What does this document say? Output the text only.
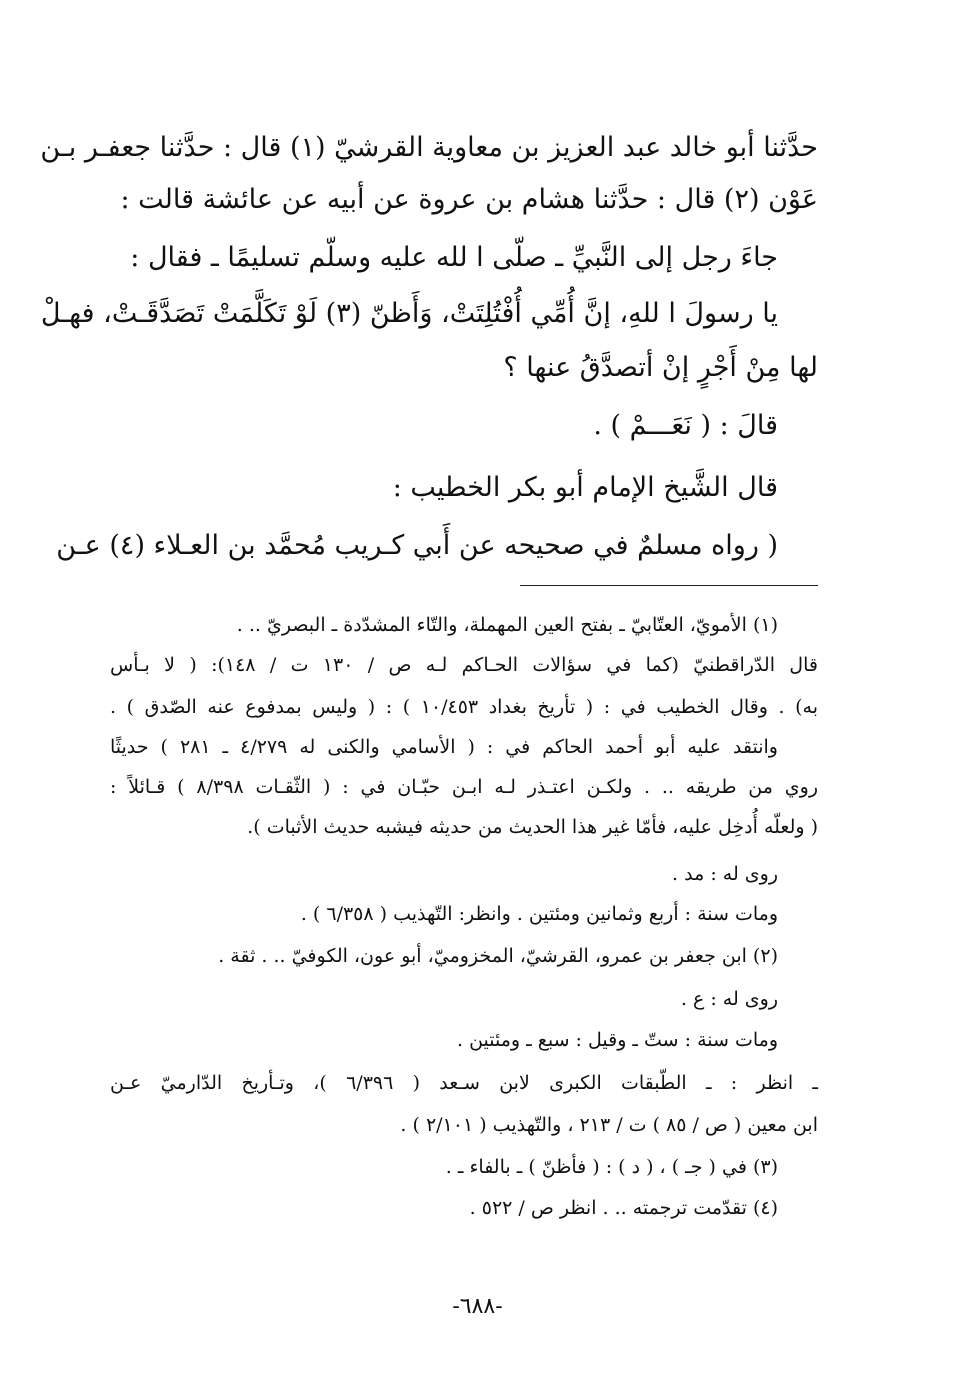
حدَّثنا أبو خالد عبد العزيز بن معاوية القرشيّ (١) قال : حدَّثنا جعفـر بـن
عَوْن (٢) قال : حدَّثنا هشام بن عروة عن أبيه عن عائشة قالت :
جاءَ رجل إلى النَّبيِّ ـ صلّى ا لله عليه وسلّم تسليمًا ـ فقال :
يا رسولَ ا للهِ، إنَّ أُمِّي أُفْتُلِتَتْ، وَأَظنّ (٣) لَوْ تَكَلَّمَتْ تَصَدَّقَـتْ، فهـلْ
لها مِنْ أَجْرٍ إنْ أتصدَّقُ عنها ؟
قالَ : ( نَعَـــمْ ) .
قال الشَّيخ الإمام أبو بكر الخطيب :
( رواه مسلمٌ في صحيحه عن أَبي كـريب مُحمَّد بن العـلاء (٤) عـن
(١) الأمويّ، العتّابيّ ـ بفتح العين المهملة، والتّاء المشدّدة ـ البصريّ .. .
قال الدّراقطنيّ (كما في سؤالات الحـاكم لـه ص / ١٣٠ ت / ١٤٨): ( لا بـأس
به) . وقال الخطيب في : ( تأريخ بغداد ١٠/٤٥٣ ) : ( وليس بمدفوع عنه الصّدق ) .
وانتقد عليه أبو أحمد الحاكم في : ( الأسامي والكنى له ٤/٢٧٩ ـ ٢٨١ ) حديثًا
روي من طريقه .. . ولكـن اعتـذر لـه ابـن حبّـان في : ( الثّقـات ٨/٣٩٨ ) قـائلاً :
( ولعلّه أُدخِل عليه، فأمّا غير هذا الحديث من حديثه فيشبه حديث الأثبات ).
روى له : مد .
ومات سنة : أربع وثمانين ومئتين . وانظر: التّهذيب ( ٦/٣٥٨ ) .
(٢) ابن جعفر بن عمرو، القرشيّ، المخزوميّ، أبو عون، الكوفيّ .. . ثقة .
روى له : ع .
ومات سنة : ستّ ـ وقيل : سبع ـ ومئتين .
ـ انظر : ـ الطّبقات الكبرى لابن سـعد ( ٦/٣٩٦ )، وتـأريخ الدّارميّ عـن
ابن معين ( ص / ٨٥ ) ت / ٢١٣ ، والتّهذيب ( ٢/١٠١ ) .
(٣) في ( جـ ) ، ( د ) : ( فأظنّ ) ـ بالفاء ـ .
(٤) تقدّمت ترجمته .. . انظر ص / ٥٢٢ .
-٦٨٨-
